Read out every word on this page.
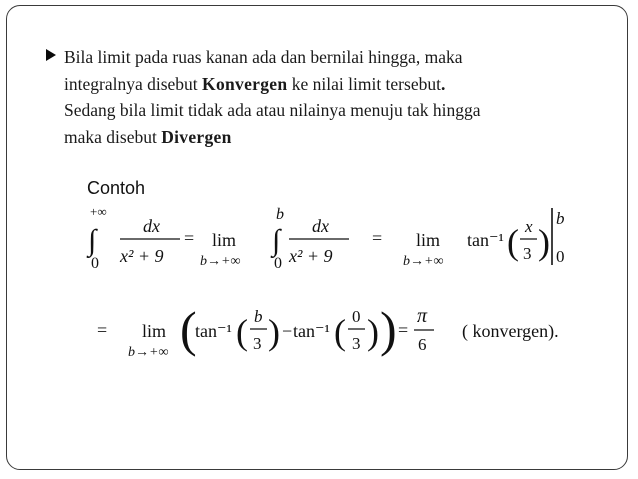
Bila limit pada ruas kanan ada dan bernilai hingga, maka
integralnya disebut Konvergen ke nilai limit tersebut.
Sedang bila limit tidak ada atau nilainya menuju tak hingga
maka disebut Divergen

Contoh
+∞
∫
0
dx
x² + 9
= lim
b→+∞
b
∫
0
dx
x² + 9
= lim
b→+∞
tan⁻¹ ( x
3 )
b
0
= lim
b→+∞ (
tan⁻¹ ( b
3 ) − tan⁻¹ ( 0
3 ) ) =
π
6
( konvergen).
